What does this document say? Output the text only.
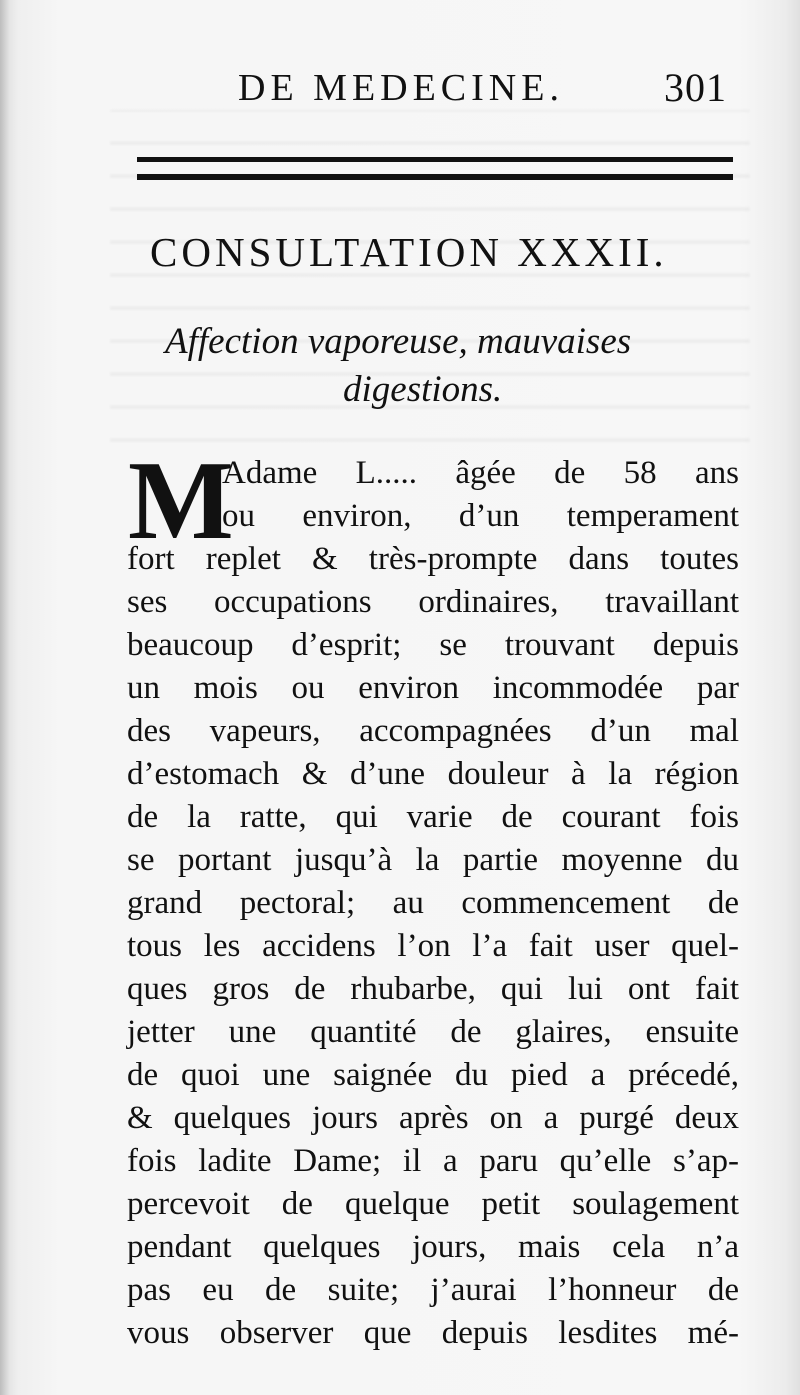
DE MEDECINE.	301
CONSULTATION XXXII.
Affection vaporeuse, mauvaises
digestions.
M
Adame L..... âgée de 58 ans
ou environ, d’un temperament
fort replet & très-prompte dans toutes
ses occupations ordinaires, travaillant
beaucoup d’esprit; se trouvant depuis
un mois ou environ incommodée par
des vapeurs, accompagnées d’un mal
d’estomach & d’une douleur à la région
de la ratte, qui varie de courant fois
se portant jusqu’à la partie moyenne du
grand pectoral; au commencement de
tous les accidens l’on l’a fait user quel-
ques gros de rhubarbe, qui lui ont fait
jetter une quantité de glaires, ensuite
de quoi une saignée du pied a précedé,
& quelques jours après on a purgé deux
fois ladite Dame; il a paru qu’elle s’ap-
percevoit de quelque petit soulagement
pendant quelques jours, mais cela n’a
pas eu de suite; j’aurai l’honneur de
vous observer que depuis lesdites mé-
